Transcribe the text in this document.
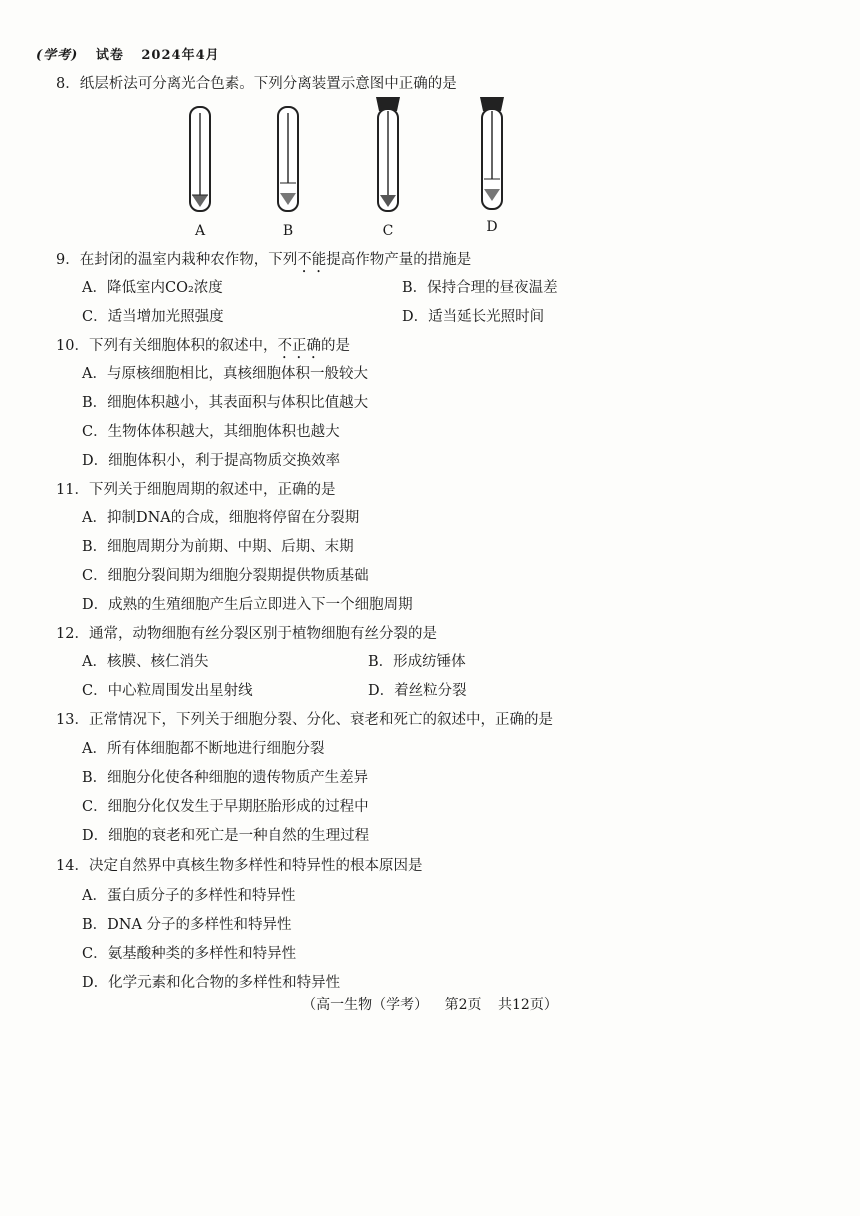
(学考) 试卷 2024年4月
8．纸层析法可分离光合色素。下列分离装置示意图中正确的是
A	B	C	D
9．在封闭的温室内栽种农作物，下列不能提高作物产量的措施是
A．降低室内CO₂浓度	B．保持合理的昼夜温差
C．适当增加光照强度	D．适当延长光照时间
10．下列有关细胞体积的叙述中，不正确的是
A．与原核细胞相比，真核细胞体积一般较大
B．细胞体积越小，其表面积与体积比值越大
C．生物体体积越大，其细胞体积也越大
D．细胞体积小，利于提高物质交换效率
11．下列关于细胞周期的叙述中，正确的是
A．抑制DNA的合成，细胞将停留在分裂期
B．细胞周期分为前期、中期、后期、末期
C．细胞分裂间期为细胞分裂期提供物质基础
D．成熟的生殖细胞产生后立即进入下一个细胞周期
12．通常，动物细胞有丝分裂区别于植物细胞有丝分裂的是
A．核膜、核仁消失	B．形成纺锤体
C．中心粒周围发出星射线	D．着丝粒分裂
13．正常情况下，下列关于细胞分裂、分化、衰老和死亡的叙述中，正确的是
A．所有体细胞都不断地进行细胞分裂
B．细胞分化使各种细胞的遗传物质产生差异
C．细胞分化仅发生于早期胚胎形成的过程中
D．细胞的衰老和死亡是一种自然的生理过程
14．决定自然界中真核生物多样性和特异性的根本原因是
A．蛋白质分子的多样性和特异性
B．DNA 分子的多样性和特异性
C．氨基酸种类的多样性和特异性
D．化学元素和化合物的多样性和特异性
（高一生物（学考） 第2页 共12页）
